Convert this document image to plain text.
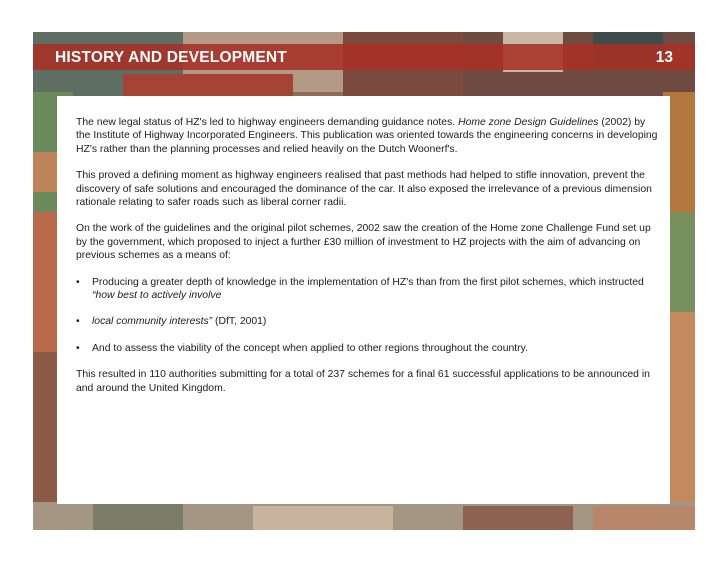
HISTORY AND DEVELOPMENT	13

The new legal status of HZ's led to highway engineers demanding guidance notes. Home zone Design Guidelines (2002) by the Institute of Highway Incorporated Engineers. This publication was oriented towards the engineering concerns in developing HZ's rather than the planning processes and relied heavily on the Dutch Woonerf's.

This proved a defining moment as highway engineers realised that past methods had helped to stifle innovation, prevent the discovery of safe solutions and encouraged the dominance of the car. It also exposed the irrelevance of a previous dimension rationale relating to safer roads such as liberal corner radii.

On the work of the guidelines and the original pilot schemes, 2002 saw the creation of the Home zone Challenge Fund set up by the government, which proposed to inject a further £30 million of investment to HZ projects with the aim of advancing on previous schemes as a means of:

• Producing a greater depth of knowledge in the implementation of HZ's than from the first pilot schemes, which instructed “how best to actively involve
• local community interests” (DfT, 2001)
• And to assess the viability of the concept when applied to other regions throughout the country.

This resulted in 110 authorities submitting for a total of 237 schemes for a final 61 successful applications to be announced in and around the United Kingdom.
